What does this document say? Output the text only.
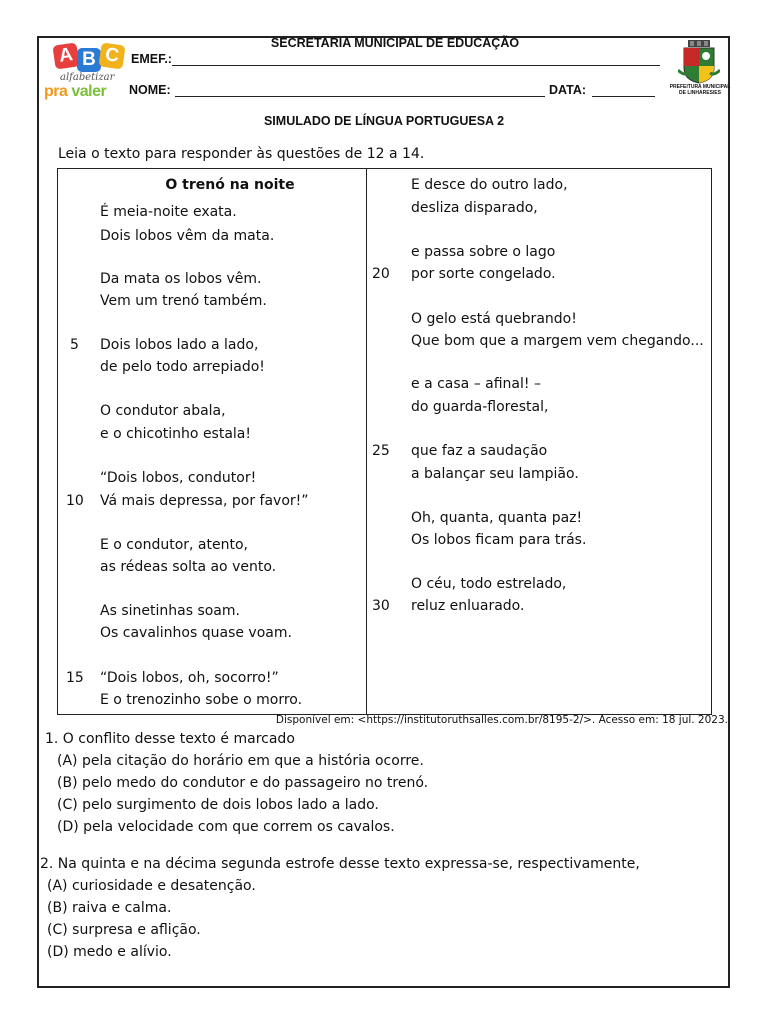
A B C
alfabetizar
pra valer
SECRETARIA MUNICIPAL DE EDUCAÇÃO
EMEF.:
NOME:	DATA:	PREFEITURA MUNICIPAL
DE LINHARES/ES
SIMULADO DE LÍNGUA PORTUGUESA 2
Leia o texto para responder às questões de 12 a 14.
O trenó na noite
É meia-noite exata.
Dois lobos vêm da mata.
Da mata os lobos vêm.
Vem um trenó também.
5 Dois lobos lado a lado,
de pelo todo arrepiado!
O condutor abala,
e o chicotinho estala!
“Dois lobos, condutor!
10 Vá mais depressa, por favor!”
E o condutor, atento,
as rédeas solta ao vento.
As sinetinhas soam.
Os cavalinhos quase voam.
15 “Dois lobos, oh, socorro!”
E o trenozinho sobe o morro.
E desce do outro lado,
desliza disparado,
e passa sobre o lago
20 por sorte congelado.
O gelo está quebrando!
Que bom que a margem vem chegando...
e a casa – afinal! –
do guarda-florestal,
25 que faz a saudação
a balançar seu lampião.
Oh, quanta, quanta paz!
Os lobos ficam para trás.
O céu, todo estrelado,
30 reluz enluarado.
Disponível em: <https://institutoruthsalles.com.br/8195-2/>. Acesso em: 18 jul. 2023.
1. O conflito desse texto é marcado
(A) pela citação do horário em que a história ocorre.
(B) pelo medo do condutor e do passageiro no trenó.
(C) pelo surgimento de dois lobos lado a lado.
(D) pela velocidade com que correm os cavalos.
2. Na quinta e na décima segunda estrofe desse texto expressa-se, respectivamente,
(A) curiosidade e desatenção.
(B) raiva e calma.
(C) surpresa e aflição.
(D) medo e alívio.
